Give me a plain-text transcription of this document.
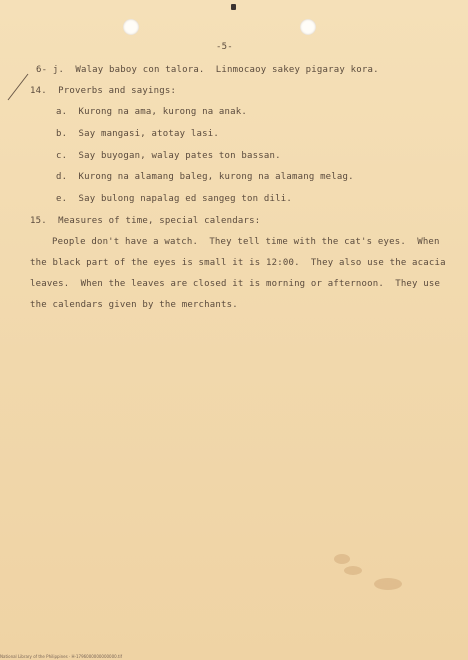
-5-
6- j.  Walay baboy con talora.  Linmocaoy sakey pigaray kora.
14.  Proverbs and sayings:
a.  Kurong na ama, kurong na anak.
b.  Say mangasi, atotay lasi.
c.  Say buyogan, walay pates ton bassan.
d.  Kurong na alamang baleg, kurong na alamang melag.
e.  Say bulong napalag ed sangeg ton dili.
15.  Measures of time, special calendars:
People don't have a watch.  They tell time with the cat's eyes.  When
the black part of the eyes is small it is 12:00.  They also use the acacia
leaves.  When the leaves are closed it is morning or afternoon.  They use
the calendars given by the merchants.
National Library of the Philippines · H-1796000000000000.tif
